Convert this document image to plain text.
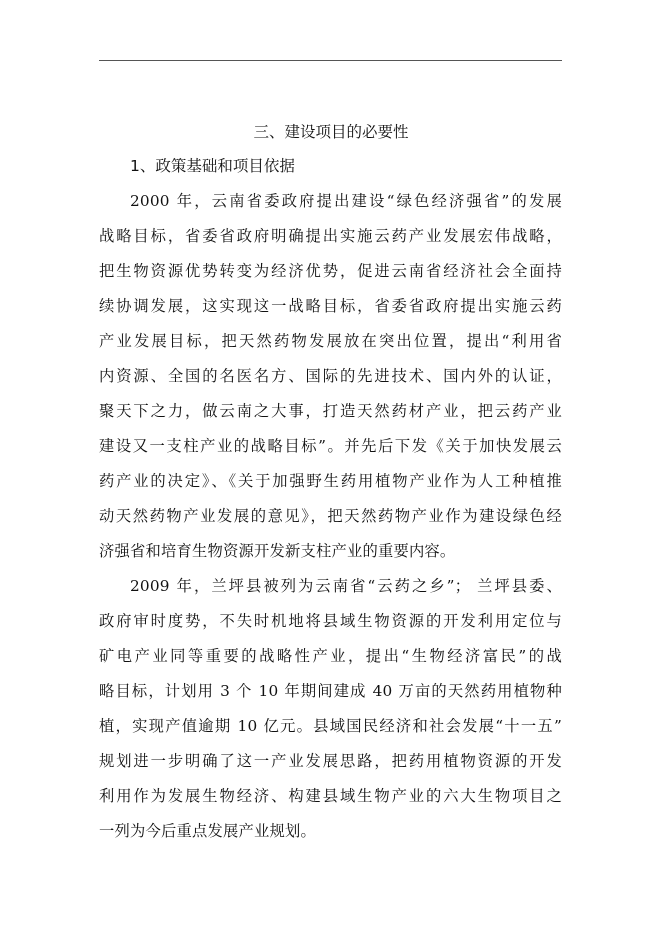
三、建设项目的必要性
1、政策基础和项目依据
2000 年，云南省委政府提出建设“绿色经济强省”的发展
战略目标，省委省政府明确提出实施云药产业发展宏伟战略，
把生物资源优势转变为经济优势，促进云南省经济社会全面持
续协调发展，这实现这一战略目标，省委省政府提出实施云药
产业发展目标，把天然药物发展放在突出位置，提出“利用省
内资源、全国的名医名方、国际的先进技术、国内外的认证，
聚天下之力，做云南之大事，打造天然药材产业，把云药产业
建设又一支柱产业的战略目标”。并先后下发《关于加快发展云
药产业的决定》、《关于加强野生药用植物产业作为人工种植推
动天然药物产业发展的意见》，把天然药物产业作为建设绿色经
济强省和培育生物资源开发新支柱产业的重要内容。
2009 年，兰坪县被列为云南省“云药之乡”； 兰坪县委、
政府审时度势，不失时机地将县域生物资源的开发利用定位与
矿电产业同等重要的战略性产业，提出“生物经济富民”的战
略目标，计划用 3 个 10 年期间建成 40 万亩的天然药用植物种
植，实现产值逾期 10 亿元。县域国民经济和社会发展“十一五”
规划进一步明确了这一产业发展思路，把药用植物资源的开发
利用作为发展生物经济、构建县域生物产业的六大生物项目之
一列为今后重点发展产业规划。
